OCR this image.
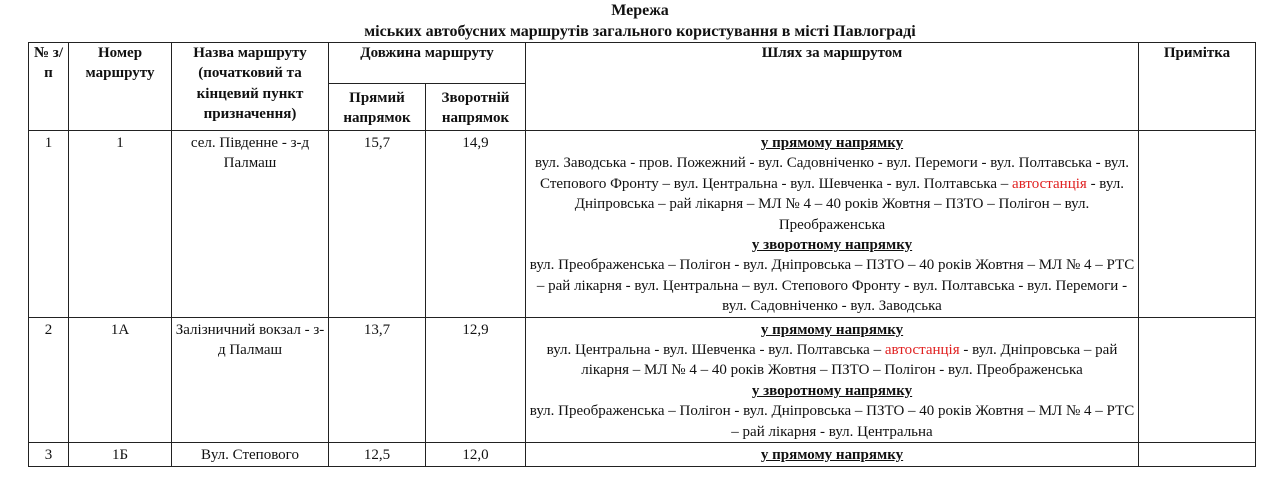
Мережа
міських автобусних маршрутів загального користування в місті Павлограді
№ з/п	Номер маршруту	Назва маршруту (початковий та кінцевий пункт призначення)	Довжина маршруту		Шлях за маршрутом	Примітка
			Прямий напрямок	Зворотній напрямок		
1	1	сел. Південне - з-д Палмаш	15,7	14,9	у прямому напрямку
вул. Заводська - пров. Пожежний - вул. Садовніченко - вул. Перемоги - вул. Полтавська - вул. Степового Фронту – вул. Центральна - вул. Шевченка - вул. Полтавська – автостанція - вул. Дніпровська – рай лікарня – МЛ № 4 – 40 років Жовтня – ПЗТО – Полігон – вул. Преображенська
у зворотному напрямку
вул. Преображенська – Полігон - вул. Дніпровська – ПЗТО – 40 років Жовтня – МЛ № 4 – РТС – рай лікарня - вул. Центральна – вул. Степового Фронту - вул. Полтавська - вул. Перемоги - вул. Садовніченко - вул. Заводська	

2	1А	Залізничний вокзал - з-д Палмаш	13,7	12,9	у прямому напрямку
вул. Центральна - вул. Шевченка - вул. Полтавська – автостанція - вул. Дніпровська – рай лікарня – МЛ № 4 – 40 років Жовтня – ПЗТО – Полігон - вул. Преображенська
у зворотному напрямку
вул. Преображенська – Полігон - вул. Дніпровська – ПЗТО – 40 років Жовтня – МЛ № 4 – РТС – рай лікарня - вул. Центральна	

3	1Б	Вул. Степового	12,5	12,0	у прямому напрямку	
